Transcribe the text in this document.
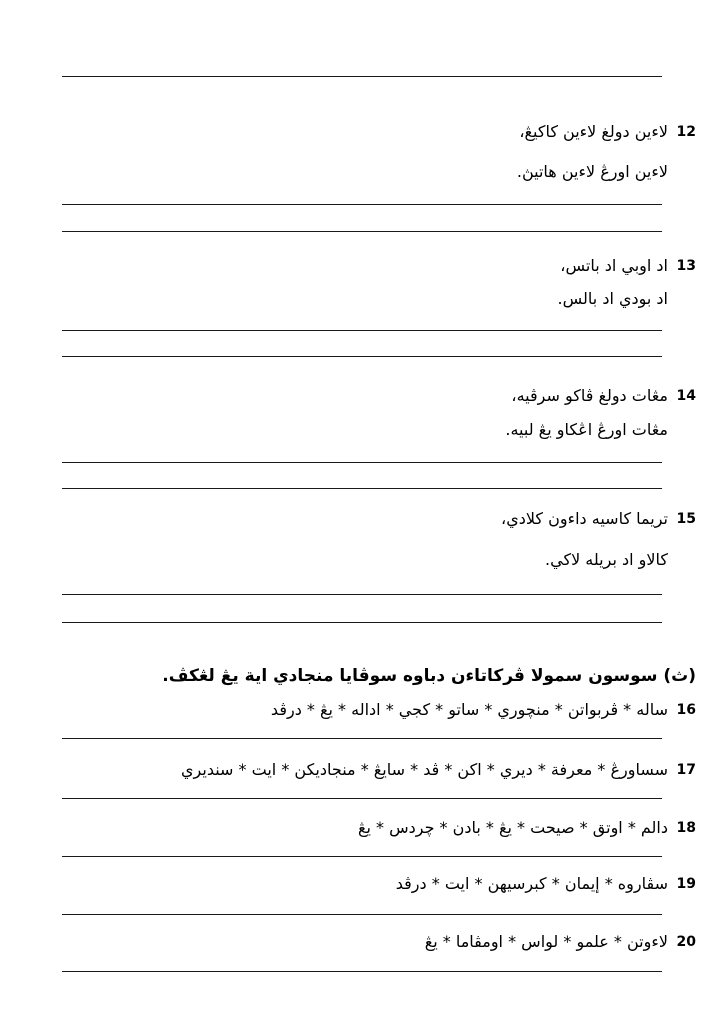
12
لاءين دولغ لاءين كاكيڠ،
لاءين اورڠ لاءين هاتيڽ.
13
اد اوبي اد باتس،
اد بودي اد بالس.
14
مڠات دولغ ڤاكو سرڤيه،
مڠات اورڠ اڠكاو يڠ لبيه.
15
تريما كاسيه داءون كلادي،
كالاو اد بريله لاكي.
(ث) سوسون سمولا ڤركاتاءن دباوه سوڤايا منجادي اية يڠ لڠكڤ.
16
ساله * ڤربواتن * منچوري * ساتو * كجي * اداله * يڠ * درڤد
17
سساورڠ * معرفة * ديري * اكن * ڤد * سايڠ * منجاديكن * ايت * سنديري
18
دالم * اوتق * صيحت * يڠ * بادن * چردس * يڠ
19
سڤاروه * إيمان * كبرسيهن * ايت * درڤد
20
لاءوتن * علمو * لواس * اومڤاما * يڠ
